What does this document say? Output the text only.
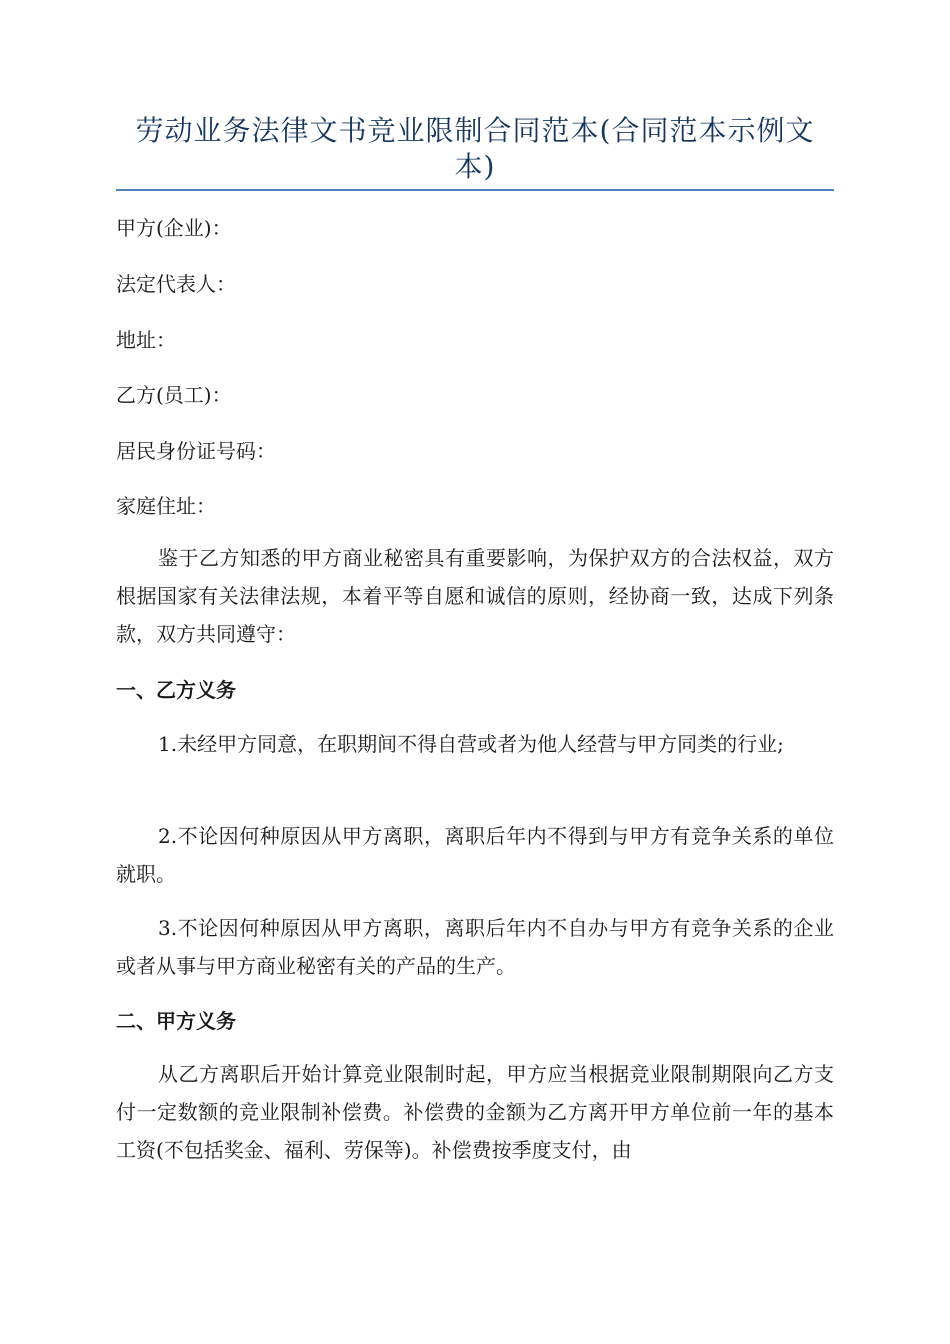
劳动业务法律文书竞业限制合同范本(合同范本示例文本)

甲方(企业)：

法定代表人：

地址：

乙方(员工)：

居民身份证号码：

家庭住址：

鉴于乙方知悉的甲方商业秘密具有重要影响，为保护双方的合法权益，双方根据国家有关法律法规，本着平等自愿和诚信的原则，经协商一致，达成下列条款，双方共同遵守：

一、乙方义务

1.未经甲方同意，在职期间不得自营或者为他人经营与甲方同类的行业;

2.不论因何种原因从甲方离职，离职后年内不得到与甲方有竞争关系的单位就职。

3.不论因何种原因从甲方离职，离职后年内不自办与甲方有竞争关系的企业或者从事与甲方商业秘密有关的产品的生产。

二、甲方义务

从乙方离职后开始计算竞业限制时起，甲方应当根据竞业限制期限向乙方支付一定数额的竞业限制补偿费。补偿费的金额为乙方离开甲方单位前一年的基本工资(不包括奖金、福利、劳保等)。补偿费按季度支付，由
